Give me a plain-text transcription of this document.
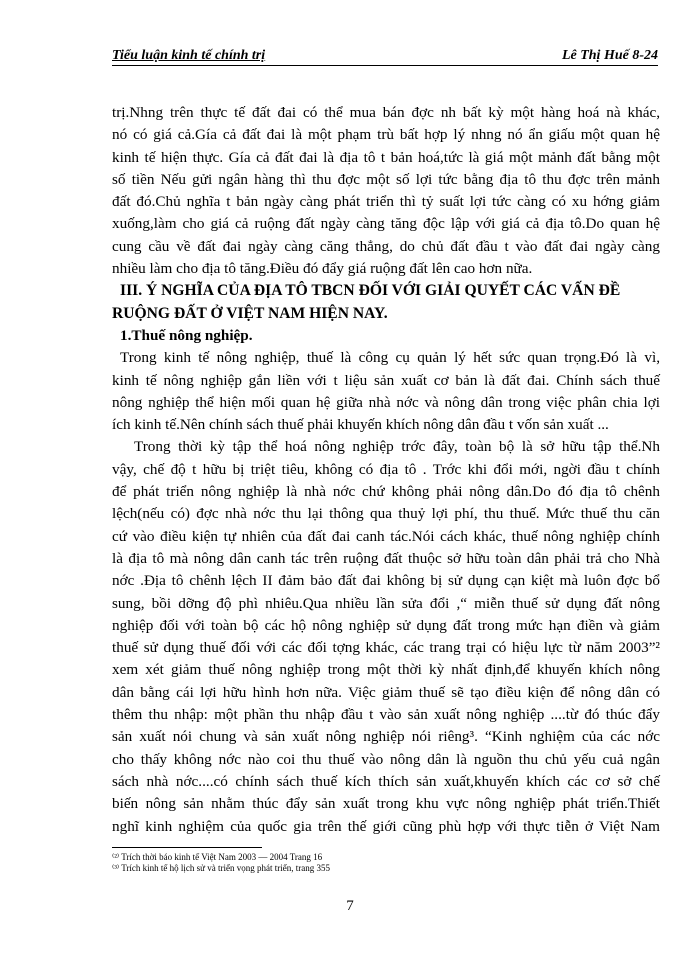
Tiểu luận kinh tế chính trị	Lê Thị Huế 8-24
trị.Nhng trên thực tế đất đai có thể mua bán đợc nh bất kỳ một hàng hoá nà khác,
nó có giá cả.Gía cả đất đai là một phạm trù bất hợp lý nhng nó ẩn giấu một quan hệ
kinh tế hiện thực. Gía cả đất đai là địa tô t bản hoá,tức là giá một mảnh đất bằng một
số tiền Nếu gửi ngân hàng thì thu đợc một số lợi tức bằng địa tô thu đợc trên mảnh
đất đó.Chủ nghĩa t bản ngày càng phát triển thì tỷ suất lợi tức càng có xu hớng giảm
xuống,làm cho giá cả ruộng đất ngày càng tăng độc lập với giá cả địa tô.Do quan hệ
cung cầu về đất đai ngày càng căng thẳng, do chủ đất đầu t vào đất đai ngày càng
nhiều làm cho địa tô tăng.Điều đó đẩy giá ruộng đất lên cao hơn nữa.
III. Ý NGHĨA CỦA ĐỊA TÔ TBCN ĐỐI VỚI GIẢI QUYẾT CÁC VẤN ĐỀ
RUỘNG ĐẤT Ở VIỆT NAM HIỆN NAY.
1.Thuế nông nghiệp.
Trong kinh tế nông nghiệp, thuế là công cụ quản lý hết sức quan trọng.Đó là vì,
kinh tế nông nghiệp gắn liền với t liệu sản xuất cơ bản là đất đai. Chính sách thuế
nông nghiệp thể hiện mối quan hệ giữa nhà nớc và nông dân trong việc phân chia lợi
ích kinh tế.Nên chính sách thuế phải khuyến khích nông dân đầu t vốn sản xuất ...
Trong thời kỳ tập thể hoá nông nghiệp trớc đây, toàn bộ là sở hữu tập thể.Nh
vậy, chế độ t hữu bị triệt tiêu, không có địa tô . Trớc khi đổi mới, ngời đầu t chính
để phát triển nông nghiệp là nhà nớc chứ không phải nông dân.Do đó địa tô chênh
lệch(nếu có) đợc nhà nớc thu lại thông qua thuỷ lợi phí, thu thuế. Mức thuế thu căn
cứ vào điều kiện tự nhiên của đất đai canh tác.Nói cách khác, thuế nông nghiệp chính
là địa tô mà nông dân canh tác trên ruộng đất thuộc sở hữu toàn dân phải trả cho Nhà
nớc .Địa tô chênh lệch II đảm bảo đất đai không bị sử dụng cạn kiệt mà luôn đợc bổ
sung, bồi dỡng độ phì nhiêu.Qua nhiều lần sửa đổi ,“ miễn thuế sử dụng đất nông
nghiệp đối với toàn bộ các hộ nông nghiệp sử dụng đất trong mức hạn điền và giảm
thuế sử dụng thuế đối với các đối tợng khác, các trang trại có hiệu lực từ năm 2003”²
xem xét giảm thuế nông nghiệp trong một thời kỳ nhất định,để khuyến khích nông
dân bằng cái lợi hữu hình hơn nữa. Việc giảm thuế sẽ tạo điều kiện để nông dân có
thêm thu nhập: một phần thu nhập đầu t vào sản xuất nông nghiệp ....từ đó thúc đẩy
sản xuất nói chung và sản xuất nông nghiệp nói riêng³. “Kinh nghiệm của các nớc
cho thấy không nớc nào coi thu thuế vào nông dân là nguồn thu chủ yếu cuả ngân
sách nhà nớc....có chính sách thuế kích thích sản xuất,khuyến khích các cơ sở chế
biến nông sản nhằm thúc đẩy sản xuất trong khu vực nông nghiệp phát triển.Thiết
nghĩ kinh nghiệm của quốc gia trên thế giới cũng phù hợp với thực tiễn ở Việt Nam
⁽²⁾ Trích thời báo kinh tế Việt Nam 2003 — 2004 Trang 16
⁽³⁾ Trích kinh tế hộ lịch sử và triển vọng phát triển, trang 355
7
